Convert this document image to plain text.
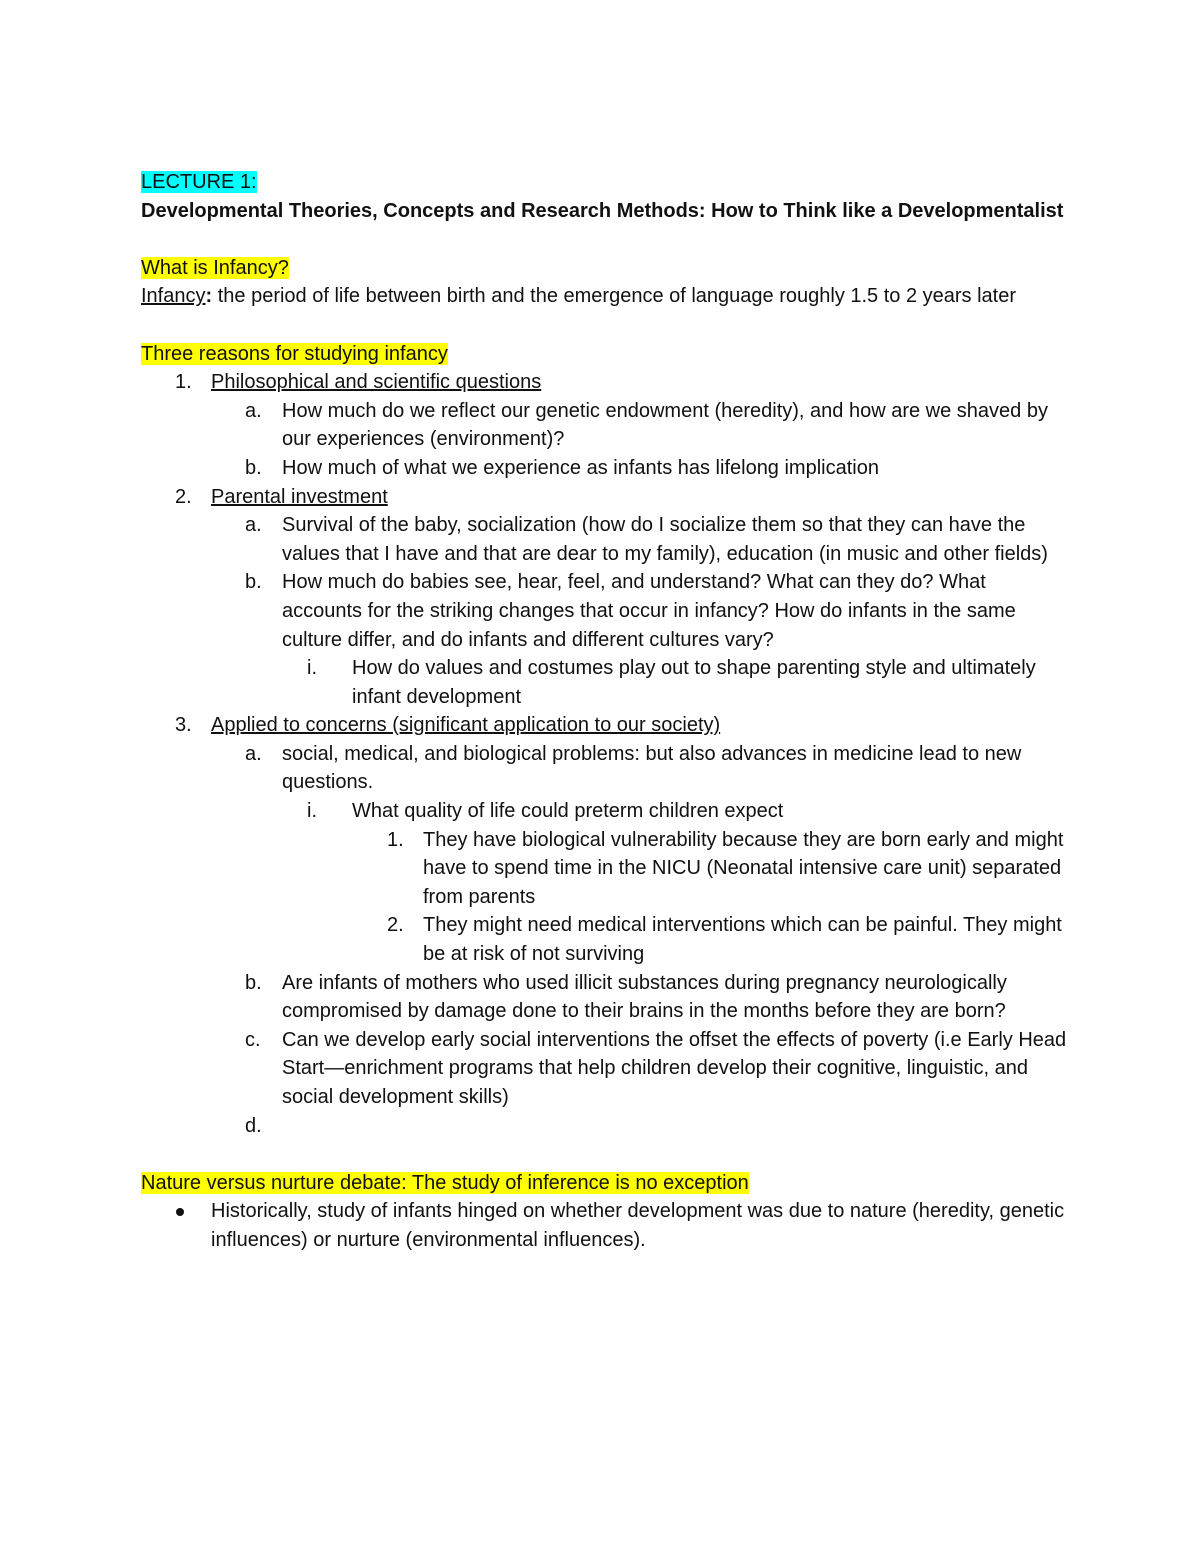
LECTURE 1:

Developmental Theories, Concepts and Research Methods: How to Think like a Developmentalist

What is Infancy?

Infancy: the period of life between birth and the emergence of language roughly 1.5 to 2 years later

Three reasons for studying infancy

1. Philosophical and scientific questions
a. How much do we reflect our genetic endowment (heredity), and how are we shaved by our experiences (environment)?
b. How much of what we experience as infants has lifelong implication
2. Parental investment
a. Survival of the baby, socialization (how do I socialize them so that they can have the values that I have and that are dear to my family), education (in music and other fields)
b. How much do babies see, hear, feel, and understand? What can they do? What accounts for the striking changes that occur in infancy? How do infants in the same culture differ, and do infants and different cultures vary?
i. How do values and costumes play out to shape parenting style and ultimately infant development
3. Applied to concerns (significant application to our society)
a. social, medical, and biological problems: but also advances in medicine lead to new questions.
i. What quality of life could preterm children expect
1. They have biological vulnerability because they are born early and might have to spend time in the NICU (Neonatal intensive care unit) separated from parents
2. They might need medical interventions which can be painful. They might be at risk of not surviving
b. Are infants of mothers who used illicit substances during pregnancy neurologically compromised by damage done to their brains in the months before they are born?
c. Can we develop early social interventions the offset the effects of poverty (i.e Early Head Start—enrichment programs that help children develop their cognitive, linguistic, and social development skills)
d.

Nature versus nurture debate: The study of inference is no exception

Historically, study of infants hinged on whether development was due to nature (heredity, genetic influences) or nurture (environmental influences).
